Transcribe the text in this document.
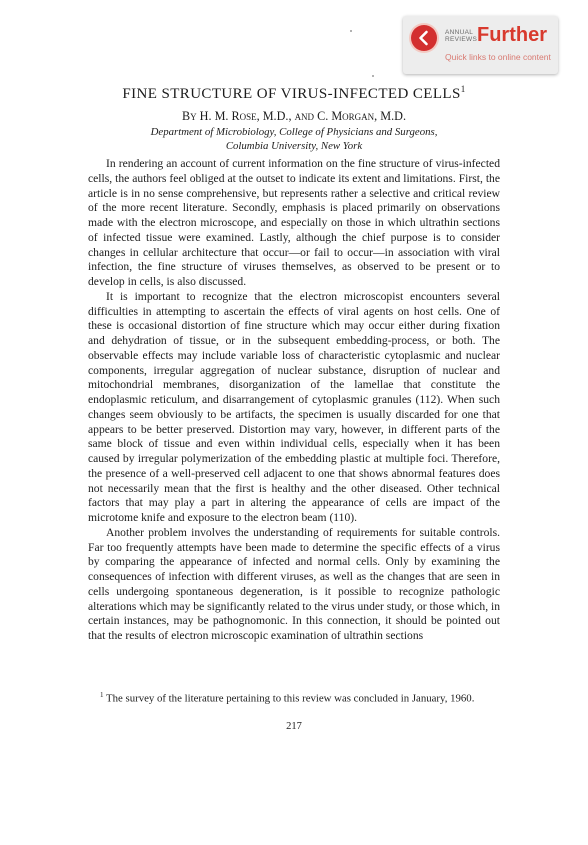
ANNUAL
REVIEWS Further
Quick links to online content
FINE STRUCTURE OF VIRUS-INFECTED CELLS$^1$
By H. M. Rose, M.D., and C. Morgan, M.D.
Department of Microbiology, College of Physicians and Surgeons,
Columbia University, New York

In rendering an account of current information on the fine structure of virus-infected cells, the authors feel obliged at the outset to indicate its extent and limitations. First, the article is in no sense comprehensive, but represents rather a selective and critical review of the more recent literature. Secondly, emphasis is placed primarily on observations made with the electron microscope, and especially on those in which ultrathin sections of infected tissue were examined. Lastly, although the chief purpose is to consider changes in cellular architecture that occur—or fail to occur—in association with viral infection, the fine structure of viruses themselves, as observed to be present or to develop in cells, is also discussed.

It is important to recognize that the electron microscopist encounters several difficulties in attempting to ascertain the effects of viral agents on host cells. One of these is occasional distortion of fine structure which may occur either during fixation and dehydration of tissue, or in the subsequent embedding-process, or both. The observable effects may include variable loss of characteristic cytoplasmic and nuclear components, irregular aggregation of nuclear substance, disruption of nuclear and mitochondrial membranes, disorganization of the lamellae that constitute the endoplasmic reticulum, and disarrangement of cytoplasmic granules (112). When such changes seem obviously to be artifacts, the specimen is usually discarded for one that appears to be better preserved. Distortion may vary, however, in different parts of the same block of tissue and even within individual cells, especially when it has been caused by irregular polymerization of the embedding plastic at multiple foci. Therefore, the presence of a well-preserved cell adjacent to one that shows abnormal features does not necessarily mean that the first is healthy and the other diseased. Other technical factors that may play a part in altering the appearance of cells are impact of the microtome knife and exposure to the electron beam (110).

Another problem involves the understanding of requirements for suitable controls. Far too frequently attempts have been made to determine the specific effects of a virus by comparing the appearance of infected and normal cells. Only by examining the consequences of infection with different viruses, as well as the changes that are seen in cells undergoing spontaneous degeneration, is it possible to recognize pathologic alterations which may be significantly related to the virus under study, or those which, in certain instances, may be pathognomonic. In this connection, it should be pointed out that the results of electron microscopic examination of ultrathin sections

$^1$ The survey of the literature pertaining to this review was concluded in January, 1960.
217
